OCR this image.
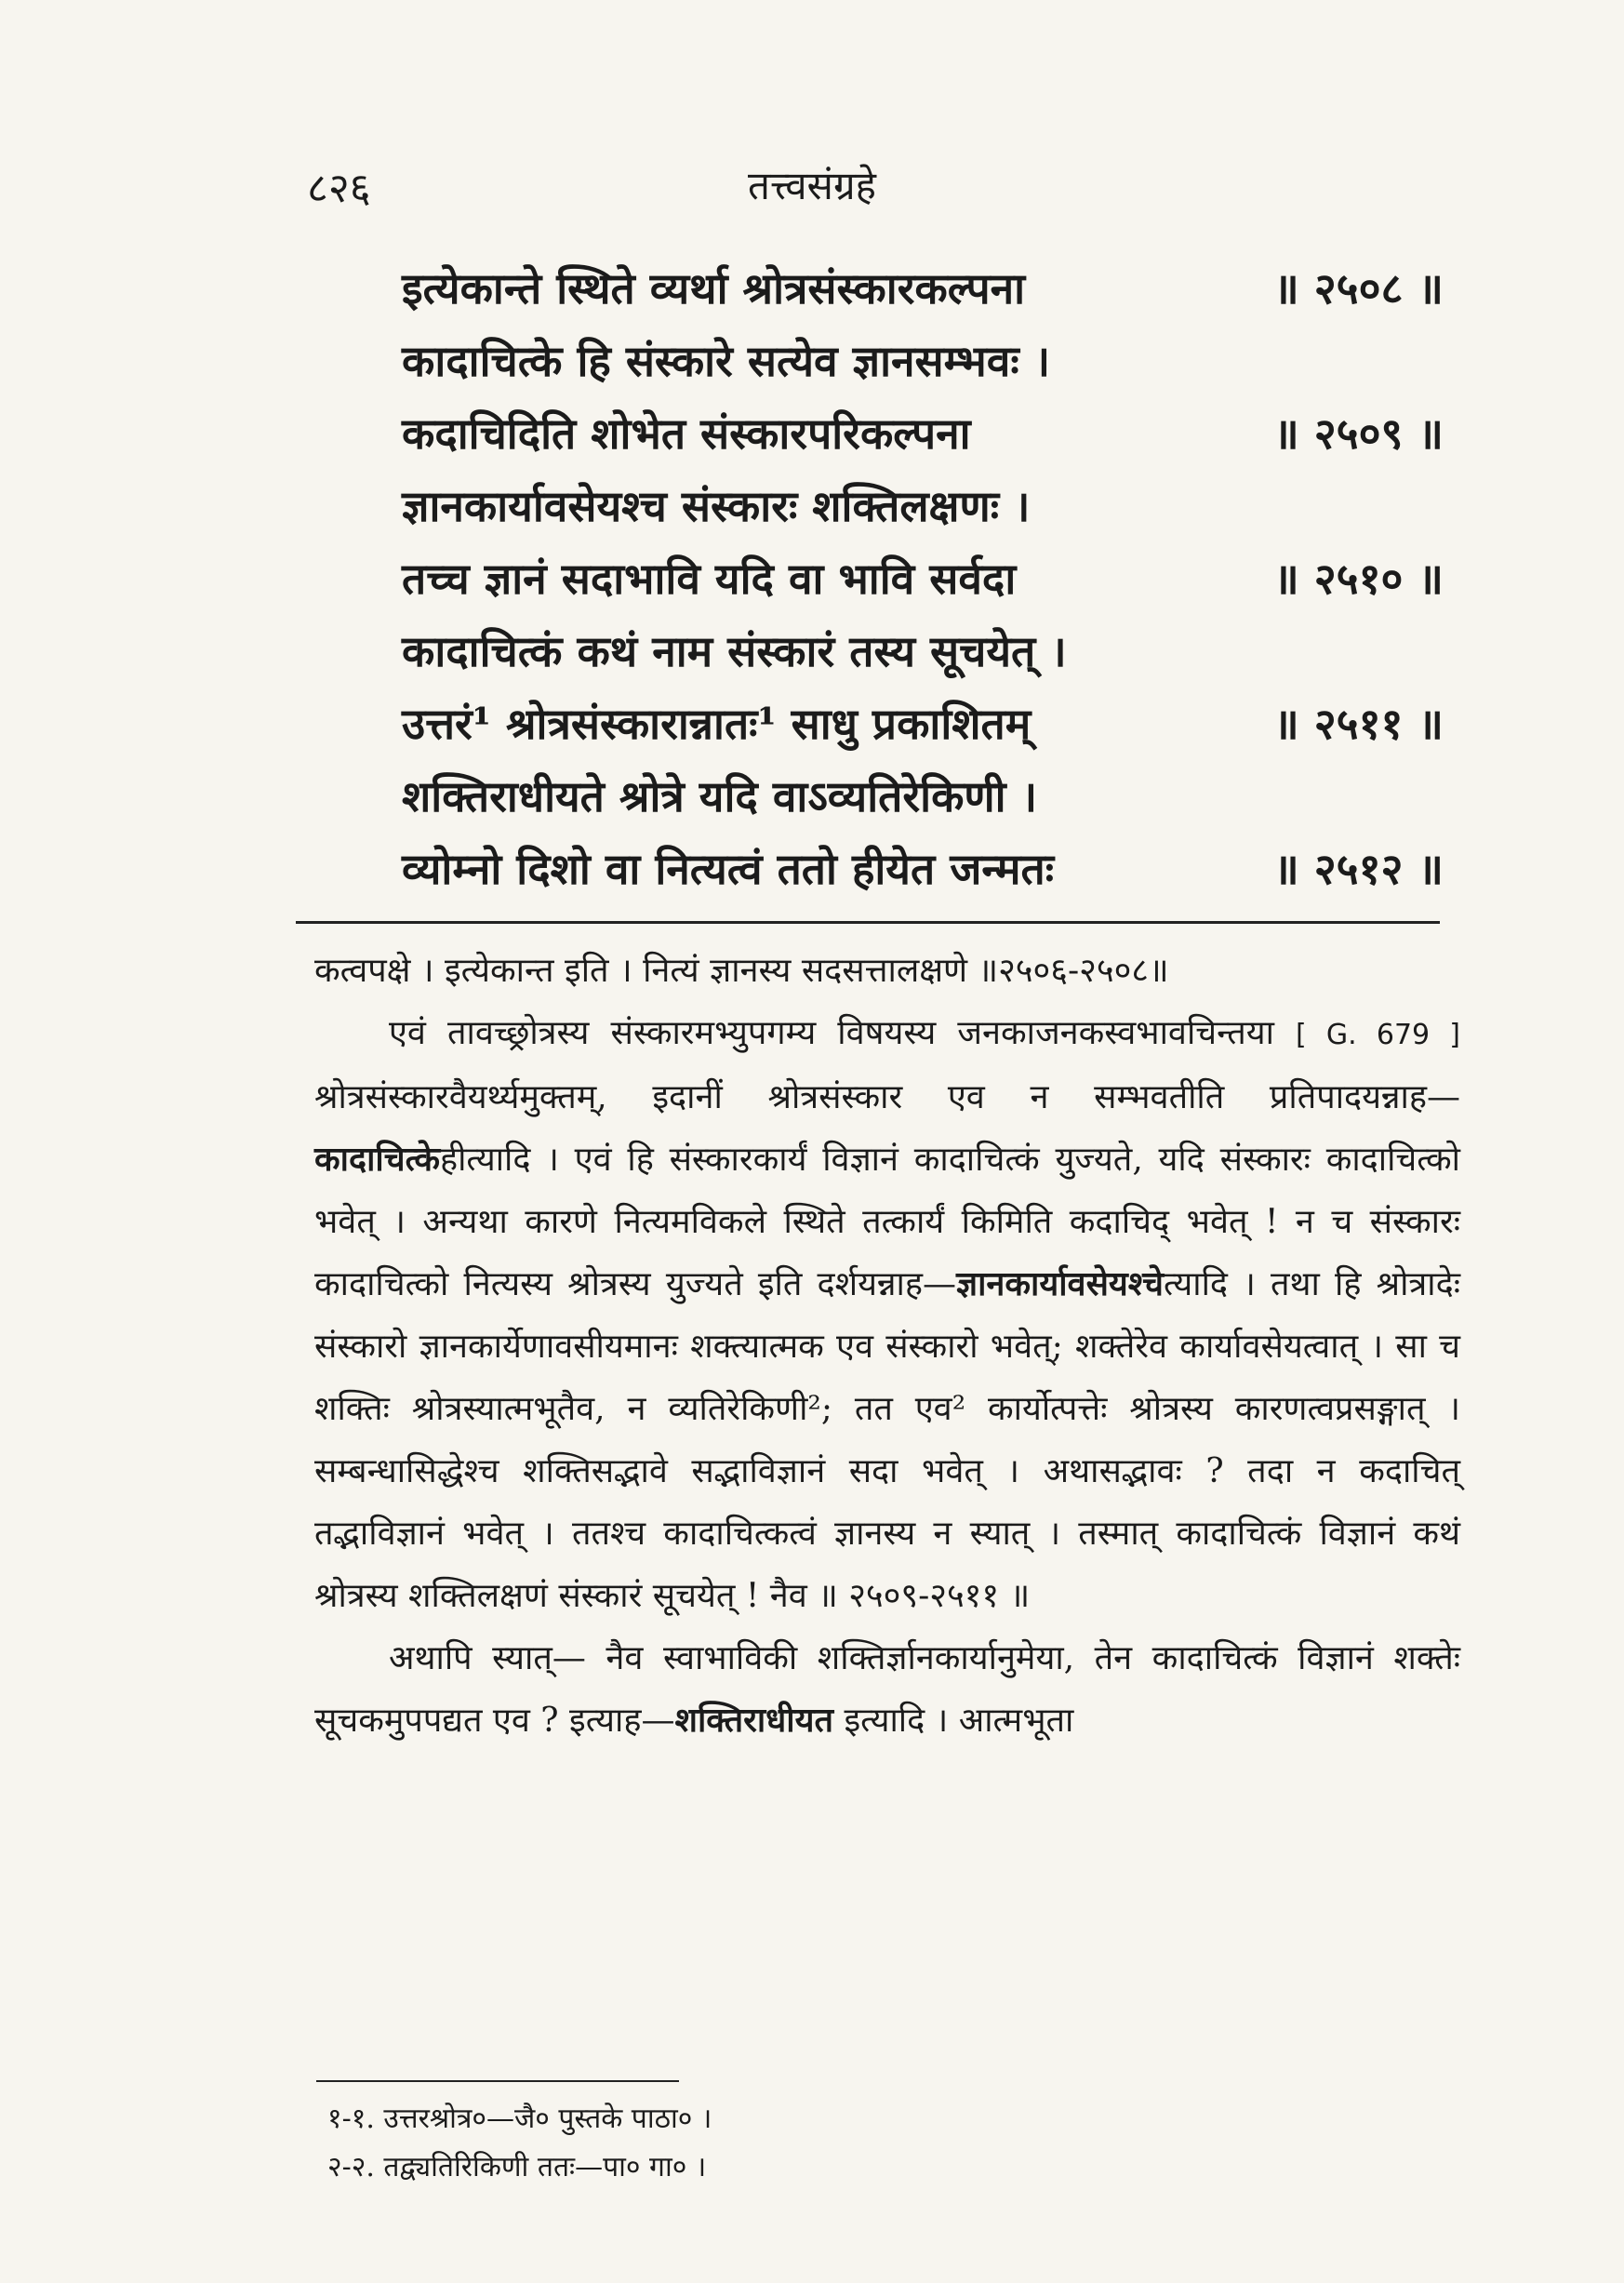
८२६	तत्त्वसंग्रहे
इत्येकान्ते स्थिते व्यर्था श्रोत्रसंस्कारकल्पना	॥ २५०८ ॥
कादाचित्के हि संस्कारे सत्येव ज्ञानसम्भवः ।
कदाचिदिति शोभेत संस्कारपरिकल्पना	॥ २५०९ ॥
ज्ञानकार्यावसेयश्च संस्कारः शक्तिलक्षणः ।
तच्च ज्ञानं सदाभावि यदि वा भावि सर्वदा	॥ २५१० ॥
कादाचित्कं कथं नाम संस्कारं तस्य सूचयेत् ।
उत्तरं¹ श्रोत्रसंस्कारान्नातः¹ साधु प्रकाशितम्	॥ २५११ ॥
शक्तिराधीयते श्रोत्रे यदि वाऽव्यतिरेकिणी ।
व्योम्नो दिशो वा नित्यत्वं ततो हीयेत जन्मतः	॥ २५१२ ॥
कत्वपक्षे । इत्येकान्त इति । नित्यं ज्ञानस्य सदसत्तालक्षणे ॥२५०६-२५०८॥
एवं तावच्छ्रोत्रस्य संस्कारमभ्युपगम्य विषयस्य जनकाजनकस्वभावचिन्तया [ G. 679 ] श्रोत्रसंस्कारवैयर्थ्यमुक्तम्, इदानीं श्रोत्रसंस्कार एव न सम्भवतीति प्रतिपादयन्नाह—कादाचित्केहीत्यादि । एवं हि संस्कारकार्यं विज्ञानं कादाचित्कं युज्यते, यदि संस्कारः कादाचित्को भवेत् । अन्यथा कारणे नित्यमविकले स्थिते तत्कार्यं किमिति कदाचिद् भवेत् ! न च संस्कारः कादाचित्को नित्यस्य श्रोत्रस्य युज्यते इति दर्शयन्नाह—ज्ञानकार्यावसेयश्चेत्यादि । तथा हि श्रोत्रादेः संस्कारो ज्ञानकार्येणावसीयमानः शक्त्यात्मक एव संस्कारो भवेत्; शक्तेरेव कार्यावसेयत्वात् । सा च शक्तिः श्रोत्रस्यात्मभूतैव, न व्यतिरेकिणी²; तत एव² कार्योत्पत्तेः श्रोत्रस्य कारणत्वप्रसङ्गात् । सम्बन्धासिद्धेश्च शक्तिसद्भावे सद्भाविज्ञानं सदा भवेत् । अथासद्भावः ? तदा न कदाचित् तद्भाविज्ञानं भवेत् । ततश्च कादाचित्कत्वं ज्ञानस्य न स्यात् । तस्मात् कादाचित्कं विज्ञानं कथं श्रोत्रस्य शक्तिलक्षणं संस्कारं सूचयेत् ! नैव ॥ २५०९-२५११ ॥
अथापि स्यात्— नैव स्वाभाविकी शक्तिर्ज्ञानकार्यानुमेया, तेन कादाचित्कं विज्ञानं शक्तेः सूचकमुपपद्यत एव ? इत्याह—शक्तिराधीयत इत्यादि । आत्मभूता
१-१. उत्तरश्रोत्र०—जै० पुस्तके पाठा० ।
२-२. तद्व्यतिरिकिणी ततः—पा० गा० ।
